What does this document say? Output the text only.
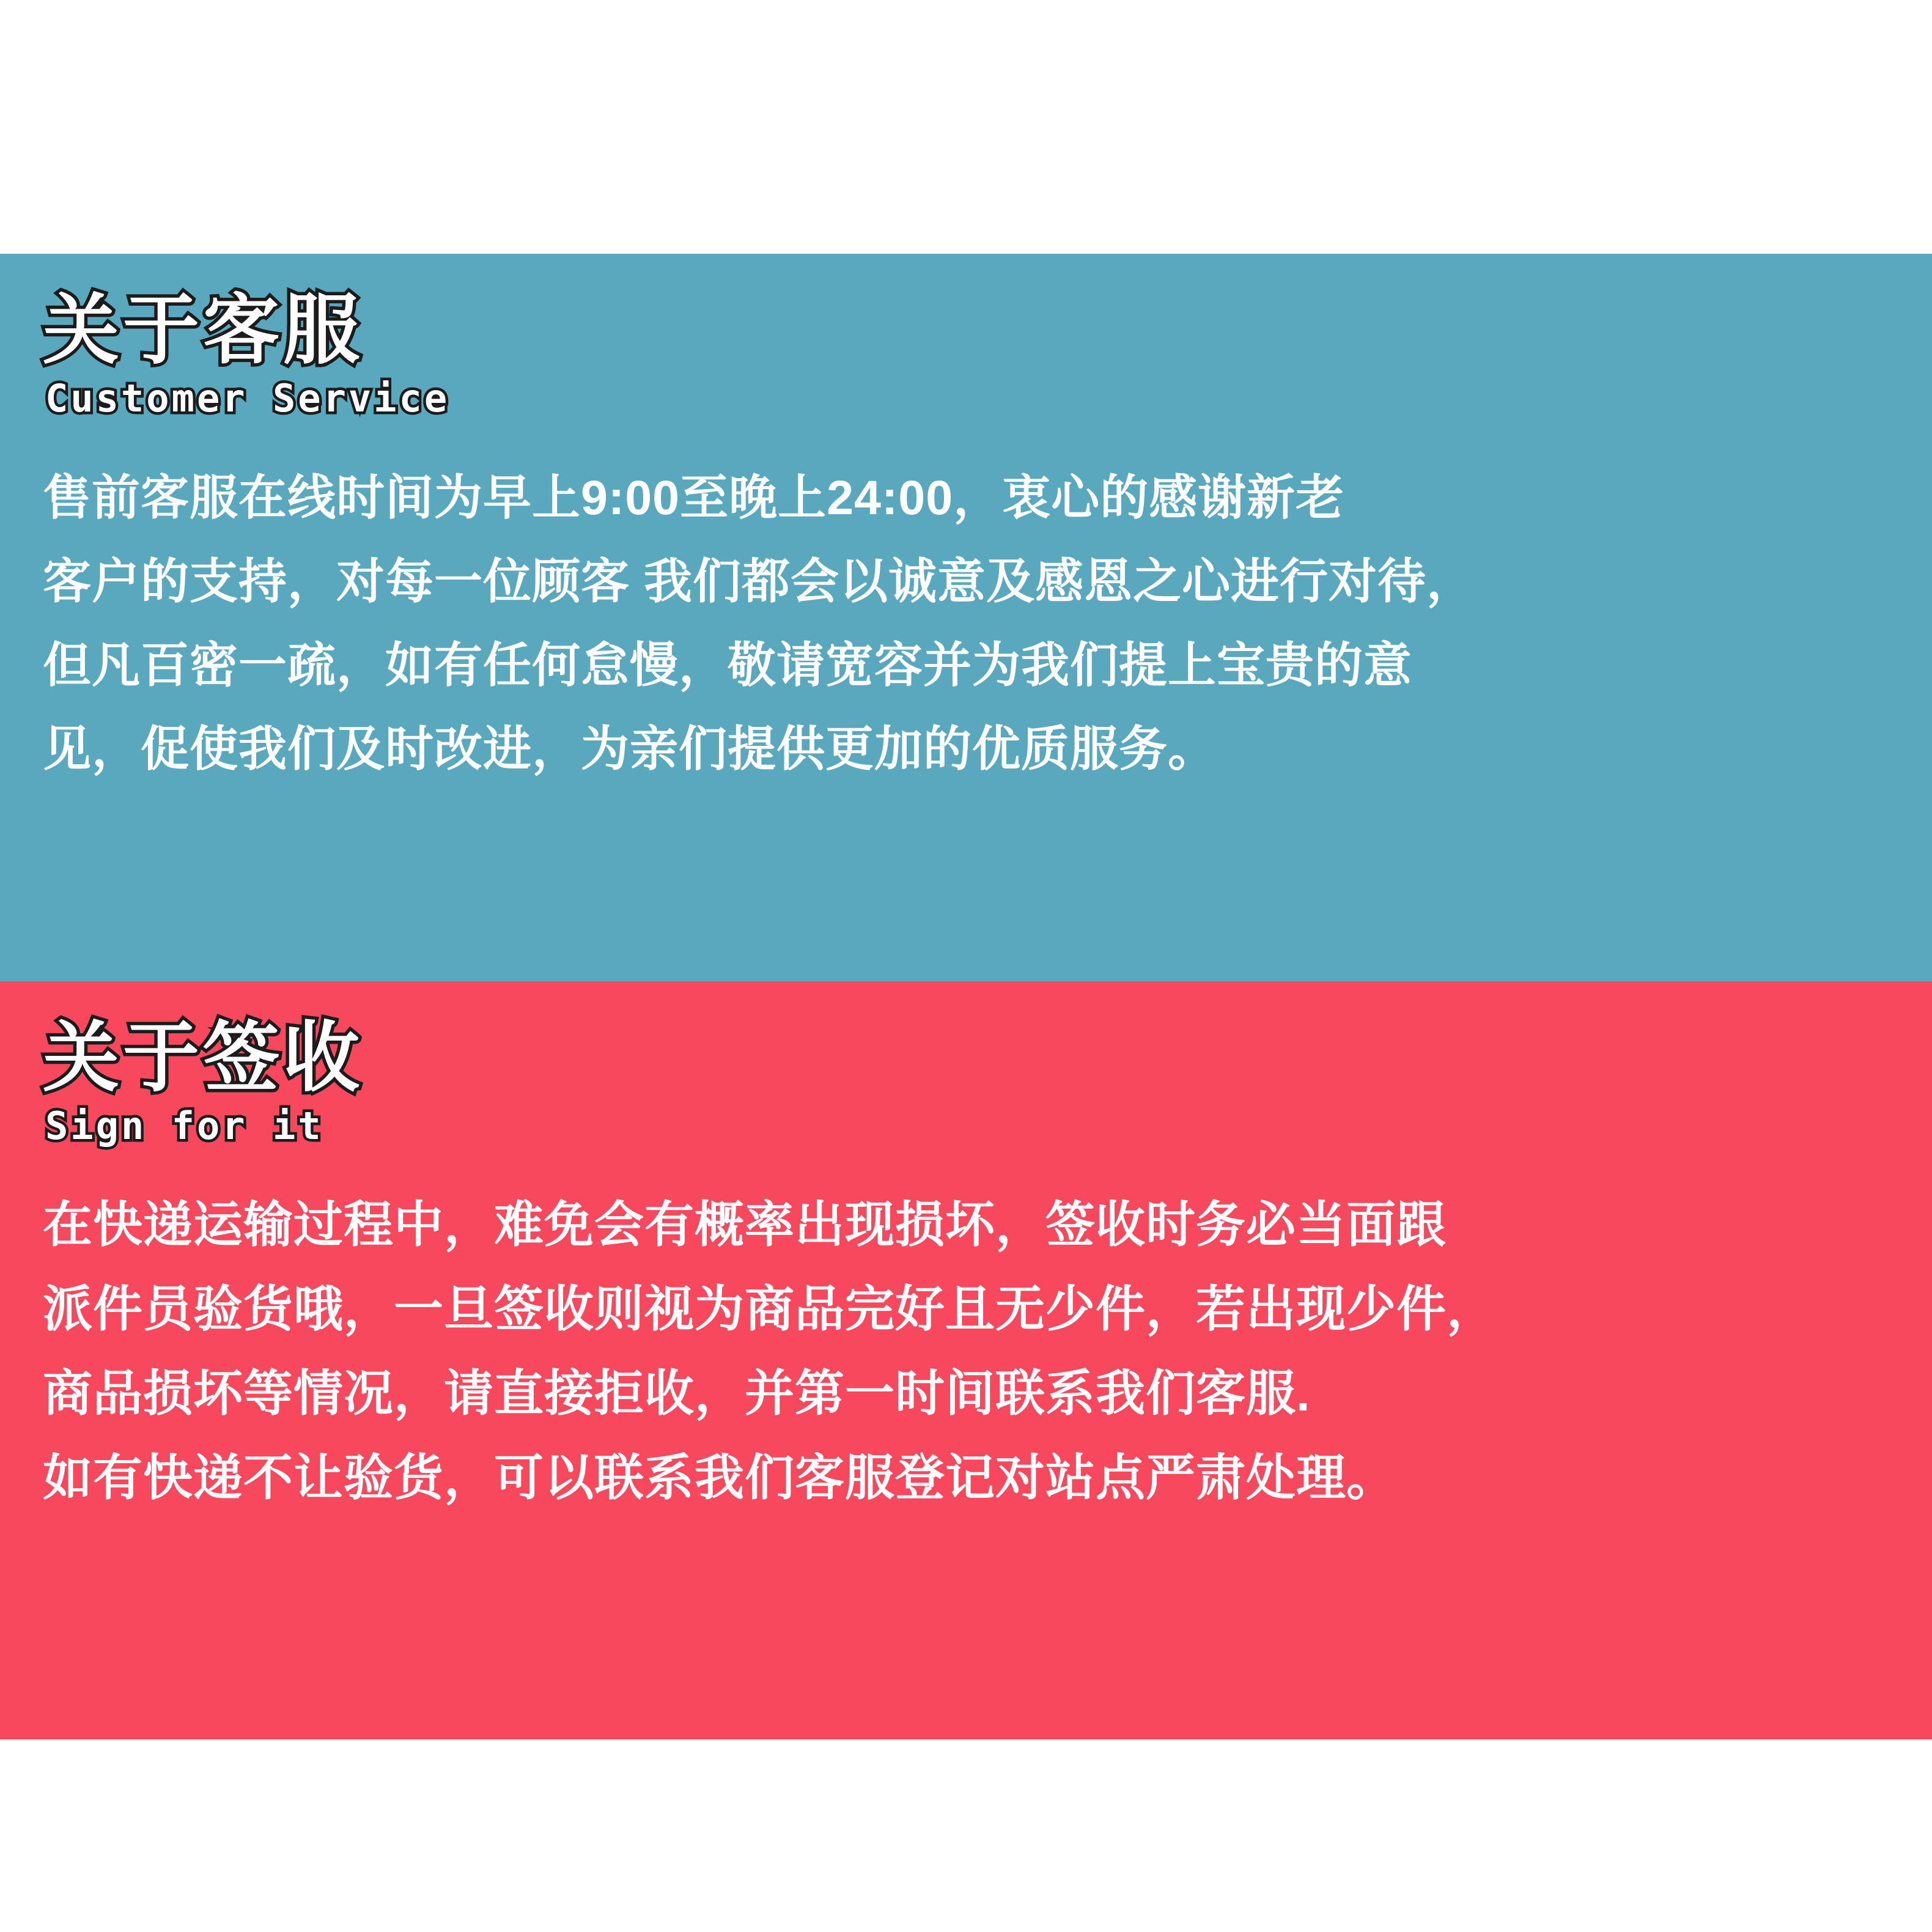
关于客服
Customer Service

售前客服在线时间为早上9:00至晚上24:00，衷心的感谢新老

客户的支持，对每一位顾客 我们都会以诚意及感恩之心进行对待，

但凡百密一疏，如有任何怠慢，敬请宽容并为我们提上宝贵的意

见，促使我们及时改进，为亲们提供更加的优质服务。

关于签收
Sign for it

在快递运输过程中，难免会有概率出现损坏，签收时务必当面跟

派件员验货哦，一旦签收则视为商品完好且无少件，若出现少件，

商品损坏等情况，请直接拒收，并第一时间联系我们客服.

如有快递不让验货，可以联系我们客服登记对站点严肃处理。
